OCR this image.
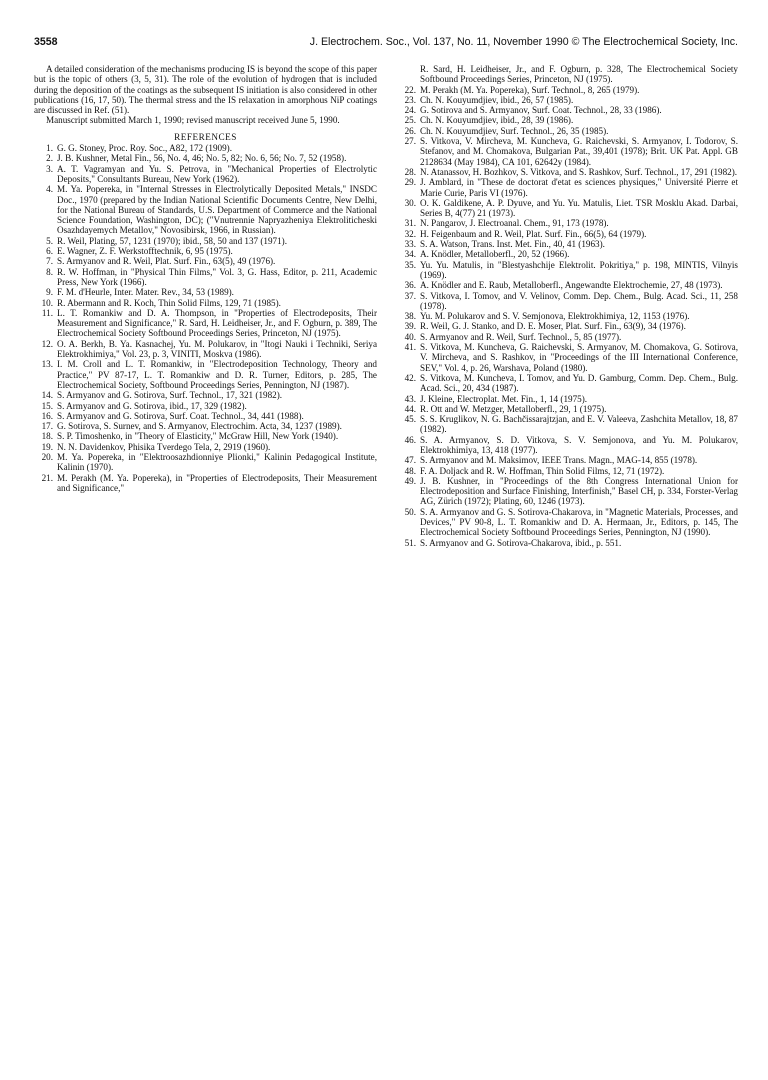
3558	J. Electrochem. Soc., Vol. 137, No. 11, November 1990 © The Electrochemical Society, Inc.

A detailed consideration of the mechanisms producing IS is beyond the scope of this paper but is the topic of others (3, 5, 31). The role of the evolution of hydrogen that is included during the deposition of the coatings as the subsequent IS initiation is also considered in other publications (16, 17, 50). The thermal stress and the IS relaxation in amorphous NiP coatings are discussed in Ref. (51).

Manuscript submitted March 1, 1990; revised manuscript received June 5, 1990.

REFERENCES
1. G. G. Stoney, Proc. Roy. Soc., A82, 172 (1909).
2. J. B. Kushner, Metal Fin., 56, No. 4, 46; No. 5, 82; No. 6, 56; No. 7, 52 (1958).
3. A. T. Vagramyan and Yu. S. Petrova, in "Mechanical Properties of Electrolytic Deposits," Consultants Bureau, New York (1962).
4. M. Ya. Popereka, in "Internal Stresses in Electrolytically Deposited Metals," INSDC Doc., 1970 (prepared by the Indian National Scientific Documents Centre, New Delhi, for the National Bureau of Standards, U.S. Department of Commerce and the National Science Foundation, Washington, DC); ("Vnutrennie Napryazheniya Elektroliticheski Osazhdayemych Metallov," Novosibirsk, 1966, in Russian).
5. R. Weil, Plating, 57, 1231 (1970); ibid., 58, 50 and 137 (1971).
6. E. Wagner, Z. F. Werkstofftechnik, 6, 95 (1975).
7. S. Armyanov and R. Weil, Plat. Surf. Fin., 63(5), 49 (1976).
8. R. W. Hoffman, in "Physical Thin Films," Vol. 3, G. Hass, Editor, p. 211, Academic Press, New York (1966).
9. F. M. d'Heurle, Inter. Mater. Rev., 34, 53 (1989).
10. R. Abermann and R. Koch, Thin Solid Films, 129, 71 (1985).
11. L. T. Romankiw and D. A. Thompson, in "Properties of Electrodeposits, Their Measurement and Significance," R. Sard, H. Leidheiser, Jr., and F. Ogburn, p. 389, The Electrochemical Society Softbound Proceedings Series, Princeton, NJ (1975).
12. O. A. Berkh, B. Ya. Kasnachej, Yu. M. Polukarov, in "Itogi Nauki i Techniki, Seriya Elektrokhimiya," Vol. 23, p. 3, VINITI, Moskva (1986).
13. I. M. Croll and L. T. Romankiw, in "Electrodeposition Technology, Theory and Practice," PV 87-17, L. T. Romankiw and D. R. Turner, Editors, p. 285, The Electrochemical Society, Softbound Proceedings Series, Pennington, NJ (1987).
14. S. Armyanov and G. Sotirova, Surf. Technol., 17, 321 (1982).
15. S. Armyanov and G. Sotirova, ibid., 17, 329 (1982).
16. S. Armyanov and G. Sotirova, Surf. Coat. Technol., 34, 441 (1988).
17. G. Sotirova, S. Surnev, and S. Armyanov, Electrochim. Acta, 34, 1237 (1989).
18. S. P. Timoshenko, in "Theory of Elasticity," McGraw Hill, New York (1940).
19. N. N. Davidenkov, Phisika Tverdego Tela, 2, 2919 (1960).
20. M. Ya. Popereka, in "Elektroosazhdionniye Plionki," Kalinin Pedagogical Institute, Kalinin (1970).
21. M. Perakh (M. Ya. Popereka), in "Properties of Electrodeposits, Their Measurement and Significance,"
R. Sard, H. Leidheiser, Jr., and F. Ogburn, p. 328, The Electrochemical Society Softbound Proceedings Series, Princeton, NJ (1975).
22. M. Perakh (M. Ya. Popereka), Surf. Technol., 8, 265 (1979).
23. Ch. N. Kouyumdjiev, ibid., 26, 57 (1985).
24. G. Sotirova and S. Armyanov, Surf. Coat. Technol., 28, 33 (1986).
25. Ch. N. Kouyumdjiev, ibid., 28, 39 (1986).
26. Ch. N. Kouyumdjiev, Surf. Technol., 26, 35 (1985).
27. S. Vitkova, V. Mircheva, M. Kuncheva, G. Raichevski, S. Armyanov, I. Todorov, S. Stefanov, and M. Chomakova, Bulgarian Pat., 39,401 (1978); Brit. UK Pat. Appl. GB 2128634 (May 1984), CA 101, 62642y (1984).
28. N. Atanassov, H. Bozhkov, S. Vitkova, and S. Rashkov, Surf. Technol., 17, 291 (1982).
29. J. Amblard, in "These de doctorat d'etat es sciences physiques," Université Pierre et Marie Curie, Paris VI (1976).
30. O. K. Galdikene, A. P. Dyuve, and Yu. Yu. Matulis, Liet. TSR Mosklu Akad. Darbai, Series B, 4(77) 21 (1973).
31. N. Pangarov, J. Electroanal. Chem., 91, 173 (1978).
32. H. Feigenbaum and R. Weil, Plat. Surf. Fin., 66(5), 64 (1979).
33. S. A. Watson, Trans. Inst. Met. Fin., 40, 41 (1963).
34. A. Knödler, Metalloberfl., 20, 52 (1966).
35. Yu. Yu. Matulis, in "Blestyashchije Elektrolit. Pokritiya," p. 198, MINTIS, Vilnyis (1969).
36. A. Knödler and E. Raub, Metalloberfl., Angewandte Elektrochemie, 27, 48 (1973).
37. S. Vitkova, I. Tomov, and V. Velinov, Comm. Dep. Chem., Bulg. Acad. Sci., 11, 258 (1978).
38. Yu. M. Polukarov and S. V. Semjonova, Elektrokhimiya, 12, 1153 (1976).
39. R. Weil, G. J. Stanko, and D. E. Moser, Plat. Surf. Fin., 63(9), 34 (1976).
40. S. Armyanov and R. Weil, Surf. Technol., 5, 85 (1977).
41. S. Vitkova, M. Kuncheva, G. Raichevski, S. Armyanov, M. Chomakova, G. Sotirova, V. Mircheva, and S. Rashkov, in "Proceedings of the III International Conference, SEV," Vol. 4, p. 26, Warshava, Poland (1980).
42. S. Vitkova, M. Kuncheva, I. Tomov, and Yu. D. Gamburg, Comm. Dep. Chem., Bulg. Acad. Sci., 20, 434 (1987).
43. J. Kleine, Electroplat. Met. Fin., 1, 14 (1975).
44. R. Ott and W. Metzger, Metalloberfl., 29, 1 (1975).
45. S. S. Kruglikov, N. G. Bachčissarajtzjan, and E. V. Valeeva, Zashchita Metallov, 18, 87 (1982).
46. S. A. Armyanov, S. D. Vitkova, S. V. Semjonova, and Yu. M. Polukarov, Elektrokhimiya, 13, 418 (1977).
47. S. Armyanov and M. Maksimov, IEEE Trans. Magn., MAG-14, 855 (1978).
48. F. A. Doljack and R. W. Hoffman, Thin Solid Films, 12, 71 (1972).
49. J. B. Kushner, in "Proceedings of the 8th Congress International Union for Electrodeposition and Surface Finishing, Interfinish," Basel CH, p. 334, Forster-Verlag AG, Zürich (1972); Plating, 60, 1246 (1973).
50. S. A. Armyanov and G. S. Sotirova-Chakarova, in "Magnetic Materials, Processes, and Devices," PV 90-8, L. T. Romankiw and D. A. Hermaan, Jr., Editors, p. 145, The Electrochemical Society Softbound Proceedings Series, Pennington, NJ (1990).
51. S. Armyanov and G. Sotirova-Chakarova, ibid., p. 551.
